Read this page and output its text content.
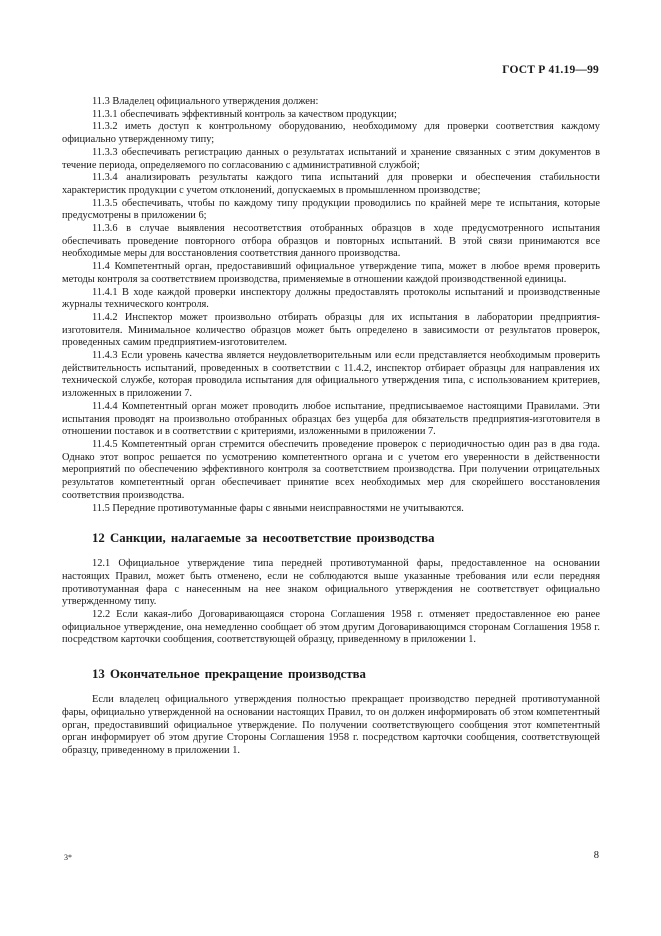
ГОСТ Р 41.19—99

11.3 Владелец официального утверждения должен:

11.3.1 обеспечивать эффективный контроль за качеством продукции;

11.3.2 иметь доступ к контрольному оборудованию, необходимому для проверки соответствия каждому официально утвержденному типу;

11.3.3 обеспечивать регистрацию данных о результатах испытаний и хранение связанных с этим документов в течение периода, определяемого по согласованию с административной службой;

11.3.4 анализировать результаты каждого типа испытаний для проверки и обеспечения стабильности характеристик продукции с учетом отклонений, допускаемых в промышленном производстве;

11.3.5 обеспечивать, чтобы по каждому типу продукции проводились по крайней мере те испытания, которые предусмотрены в приложении 6;

11.3.6 в случае выявления несоответствия отобранных образцов в ходе предусмотренного испытания обеспечивать проведение повторного отбора образцов и повторных испытаний. В этой связи принимаются все необходимые меры для восстановления соответствия данного производства.

11.4 Компетентный орган, предоставивший официальное утверждение типа, может в любое время проверить методы контроля за соответствием производства, применяемые в отношении каждой производственной единицы.

11.4.1 В ходе каждой проверки инспектору должны предоставлять протоколы испытаний и производственные журналы технического контроля.

11.4.2 Инспектор может произвольно отбирать образцы для их испытания в лаборатории предприятия-изготовителя. Минимальное количество образцов может быть определено в зависимости от результатов проверок, проведенных самим предприятием-изготовителем.

11.4.3 Если уровень качества является неудовлетворительным или если представляется необходимым проверить действительность испытаний, проведенных в соответствии с 11.4.2, инспектор отбирает образцы для направления их технической службе, которая проводила испытания для официального утверждения типа, с использованием критериев, изложенных в приложении 7.

11.4.4 Компетентный орган может проводить любое испытание, предписываемое настоящими Правилами. Эти испытания проводят на произвольно отобранных образцах без ущерба для обязательств предприятия-изготовителя в отношении поставок и в соответствии с критериями, изложенными в приложении 7.

11.4.5 Компетентный орган стремится обеспечить проведение проверок с периодичностью один раз в два года. Однако этот вопрос решается по усмотрению компетентного органа и с учетом его уверенности в действенности мероприятий по обеспечению эффективного контроля за соответствием производства. При получении отрицательных результатов компетентный орган обеспечивает принятие всех необходимых мер для скорейшего восстановления соответствия производства.

11.5 Передние противотуманные фары с явными неисправностями не учитываются.

12 Санкции, налагаемые за несоответствие производства

12.1 Официальное утверждение типа передней противотуманной фары, предоставленное на основании настоящих Правил, может быть отменено, если не соблюдаются выше указанные требования или если передняя противотуманная фара с нанесенным на нее знаком официального утверждения не соответствует официально утвержденному типу.

12.2 Если какая-либо Договаривающаяся сторона Соглашения 1958 г. отменяет предоставленное ею ранее официальное утверждение, она немедленно сообщает об этом другим Договаривающимся сторонам Соглашения 1958 г. посредством карточки сообщения, соответствующей образцу, приведенному в приложении 1.

13 Окончательное прекращение производства

Если владелец официального утверждения полностью прекращает производство передней противотуманной фары, официально утвержденной на основании настоящих Правил, то он должен информировать об этом компетентный орган, предоставивший официальное утверждение. По получении соответствующего сообщения этот компетентный орган информирует об этом другие Стороны Соглашения 1958 г. посредством карточки сообщения, соответствующей образцу, приведенному в приложении 1.

3*	8
